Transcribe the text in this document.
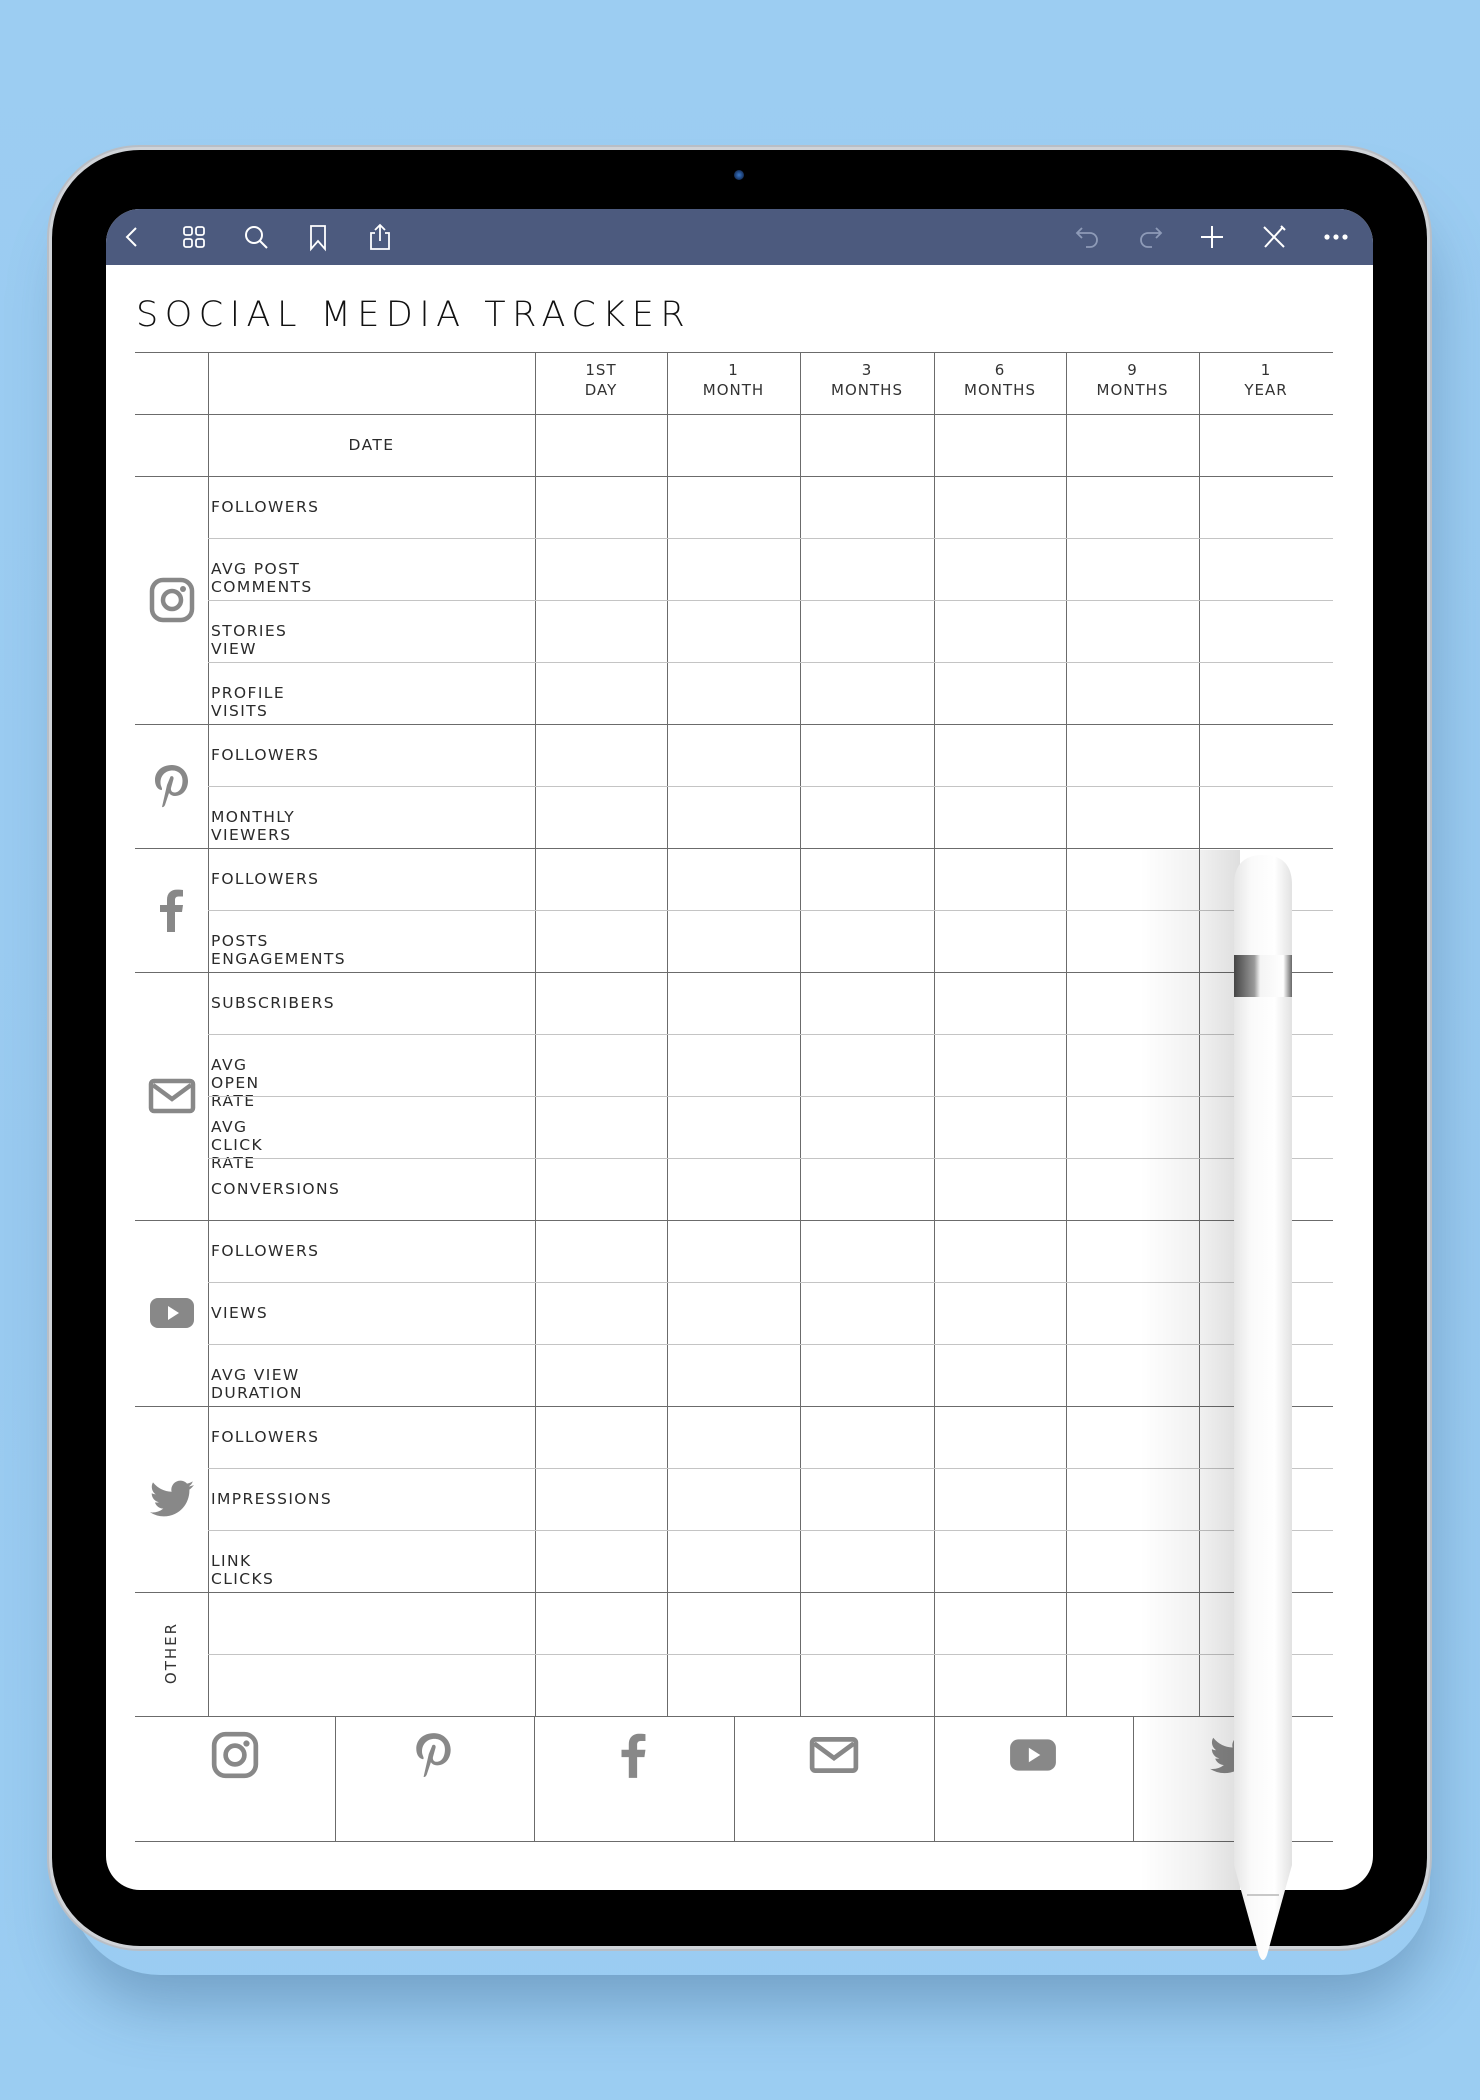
SOCIAL MEDIA TRACKER
1ST
DAY
1
MONTH
3
MONTHS
6
MONTHS
9
MONTHS
1
YEAR
DATE
FOLLOWERS
AVG POST COMMENTS
STORIES VIEW
PROFILE VISITS
FOLLOWERS
MONTHLY VIEWERS
FOLLOWERS
POSTS ENGAGEMENTS
SUBSCRIBERS
AVG OPEN RATE
AVG CLICK RATE
CONVERSIONS
FOLLOWERS
VIEWS
AVG VIEW DURATION
FOLLOWERS
IMPRESSIONS
LINK CLICKS
OTHER
